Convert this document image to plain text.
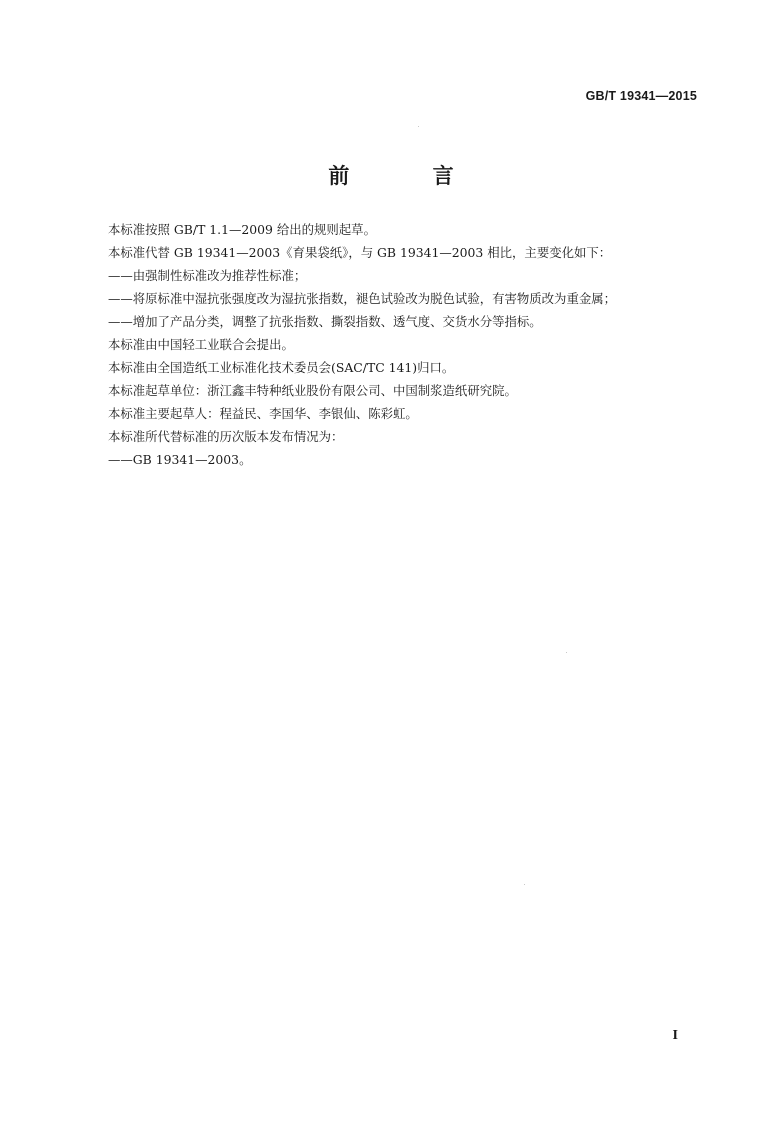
GB/T 19341—2015
前 言
本标准按照 GB/T 1.1—2009 给出的规则起草。
本标准代替 GB 19341—2003《育果袋纸》，与 GB 19341—2003 相比，主要变化如下：
——由强制性标准改为推荐性标准；
——将原标准中湿抗张强度改为湿抗张指数，褪色试验改为脱色试验，有害物质改为重金属；
——增加了产品分类，调整了抗张指数、撕裂指数、透气度、交货水分等指标。
本标准由中国轻工业联合会提出。
本标准由全国造纸工业标准化技术委员会(SAC/TC 141)归口。
本标准起草单位：浙江鑫丰特种纸业股份有限公司、中国制浆造纸研究院。
本标准主要起草人：程益民、李国华、李银仙、陈彩虹。
本标准所代替标准的历次版本发布情况为：
——GB 19341—2003。
I
